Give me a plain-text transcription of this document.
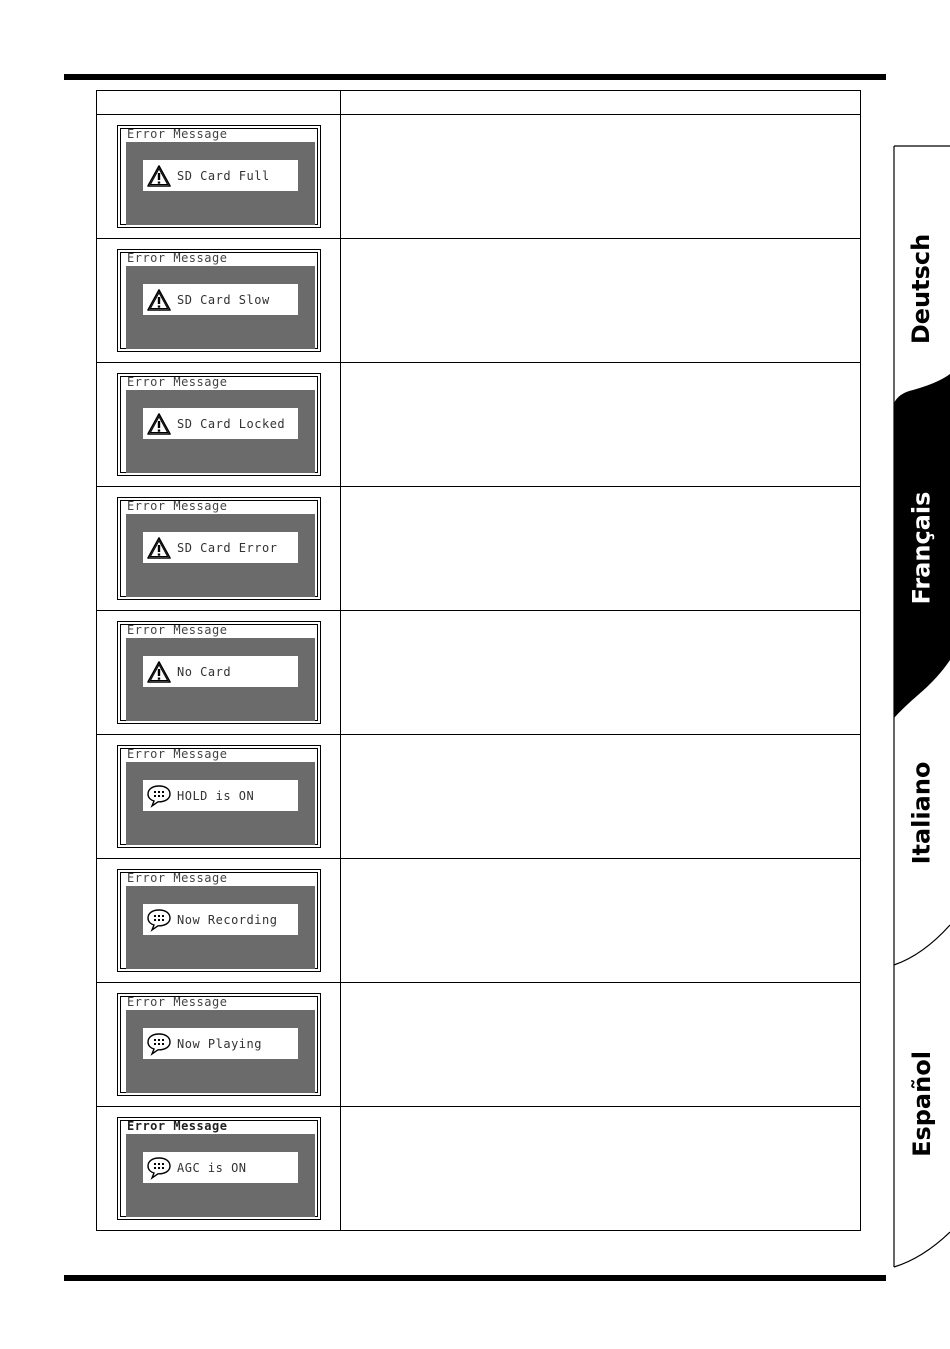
Error Message
SD Card Full	

Error Message
SD Card Slow	

Error Message
SD Card Locked	

Error Message
SD Card Error	

Error Message
No Card	

Error Message
HOLD is ON	

Error Message
Now Recording	

Error Message
Now Playing	

Error Message
AGC is ON	

Deutsch
Français
Italiano
Español
